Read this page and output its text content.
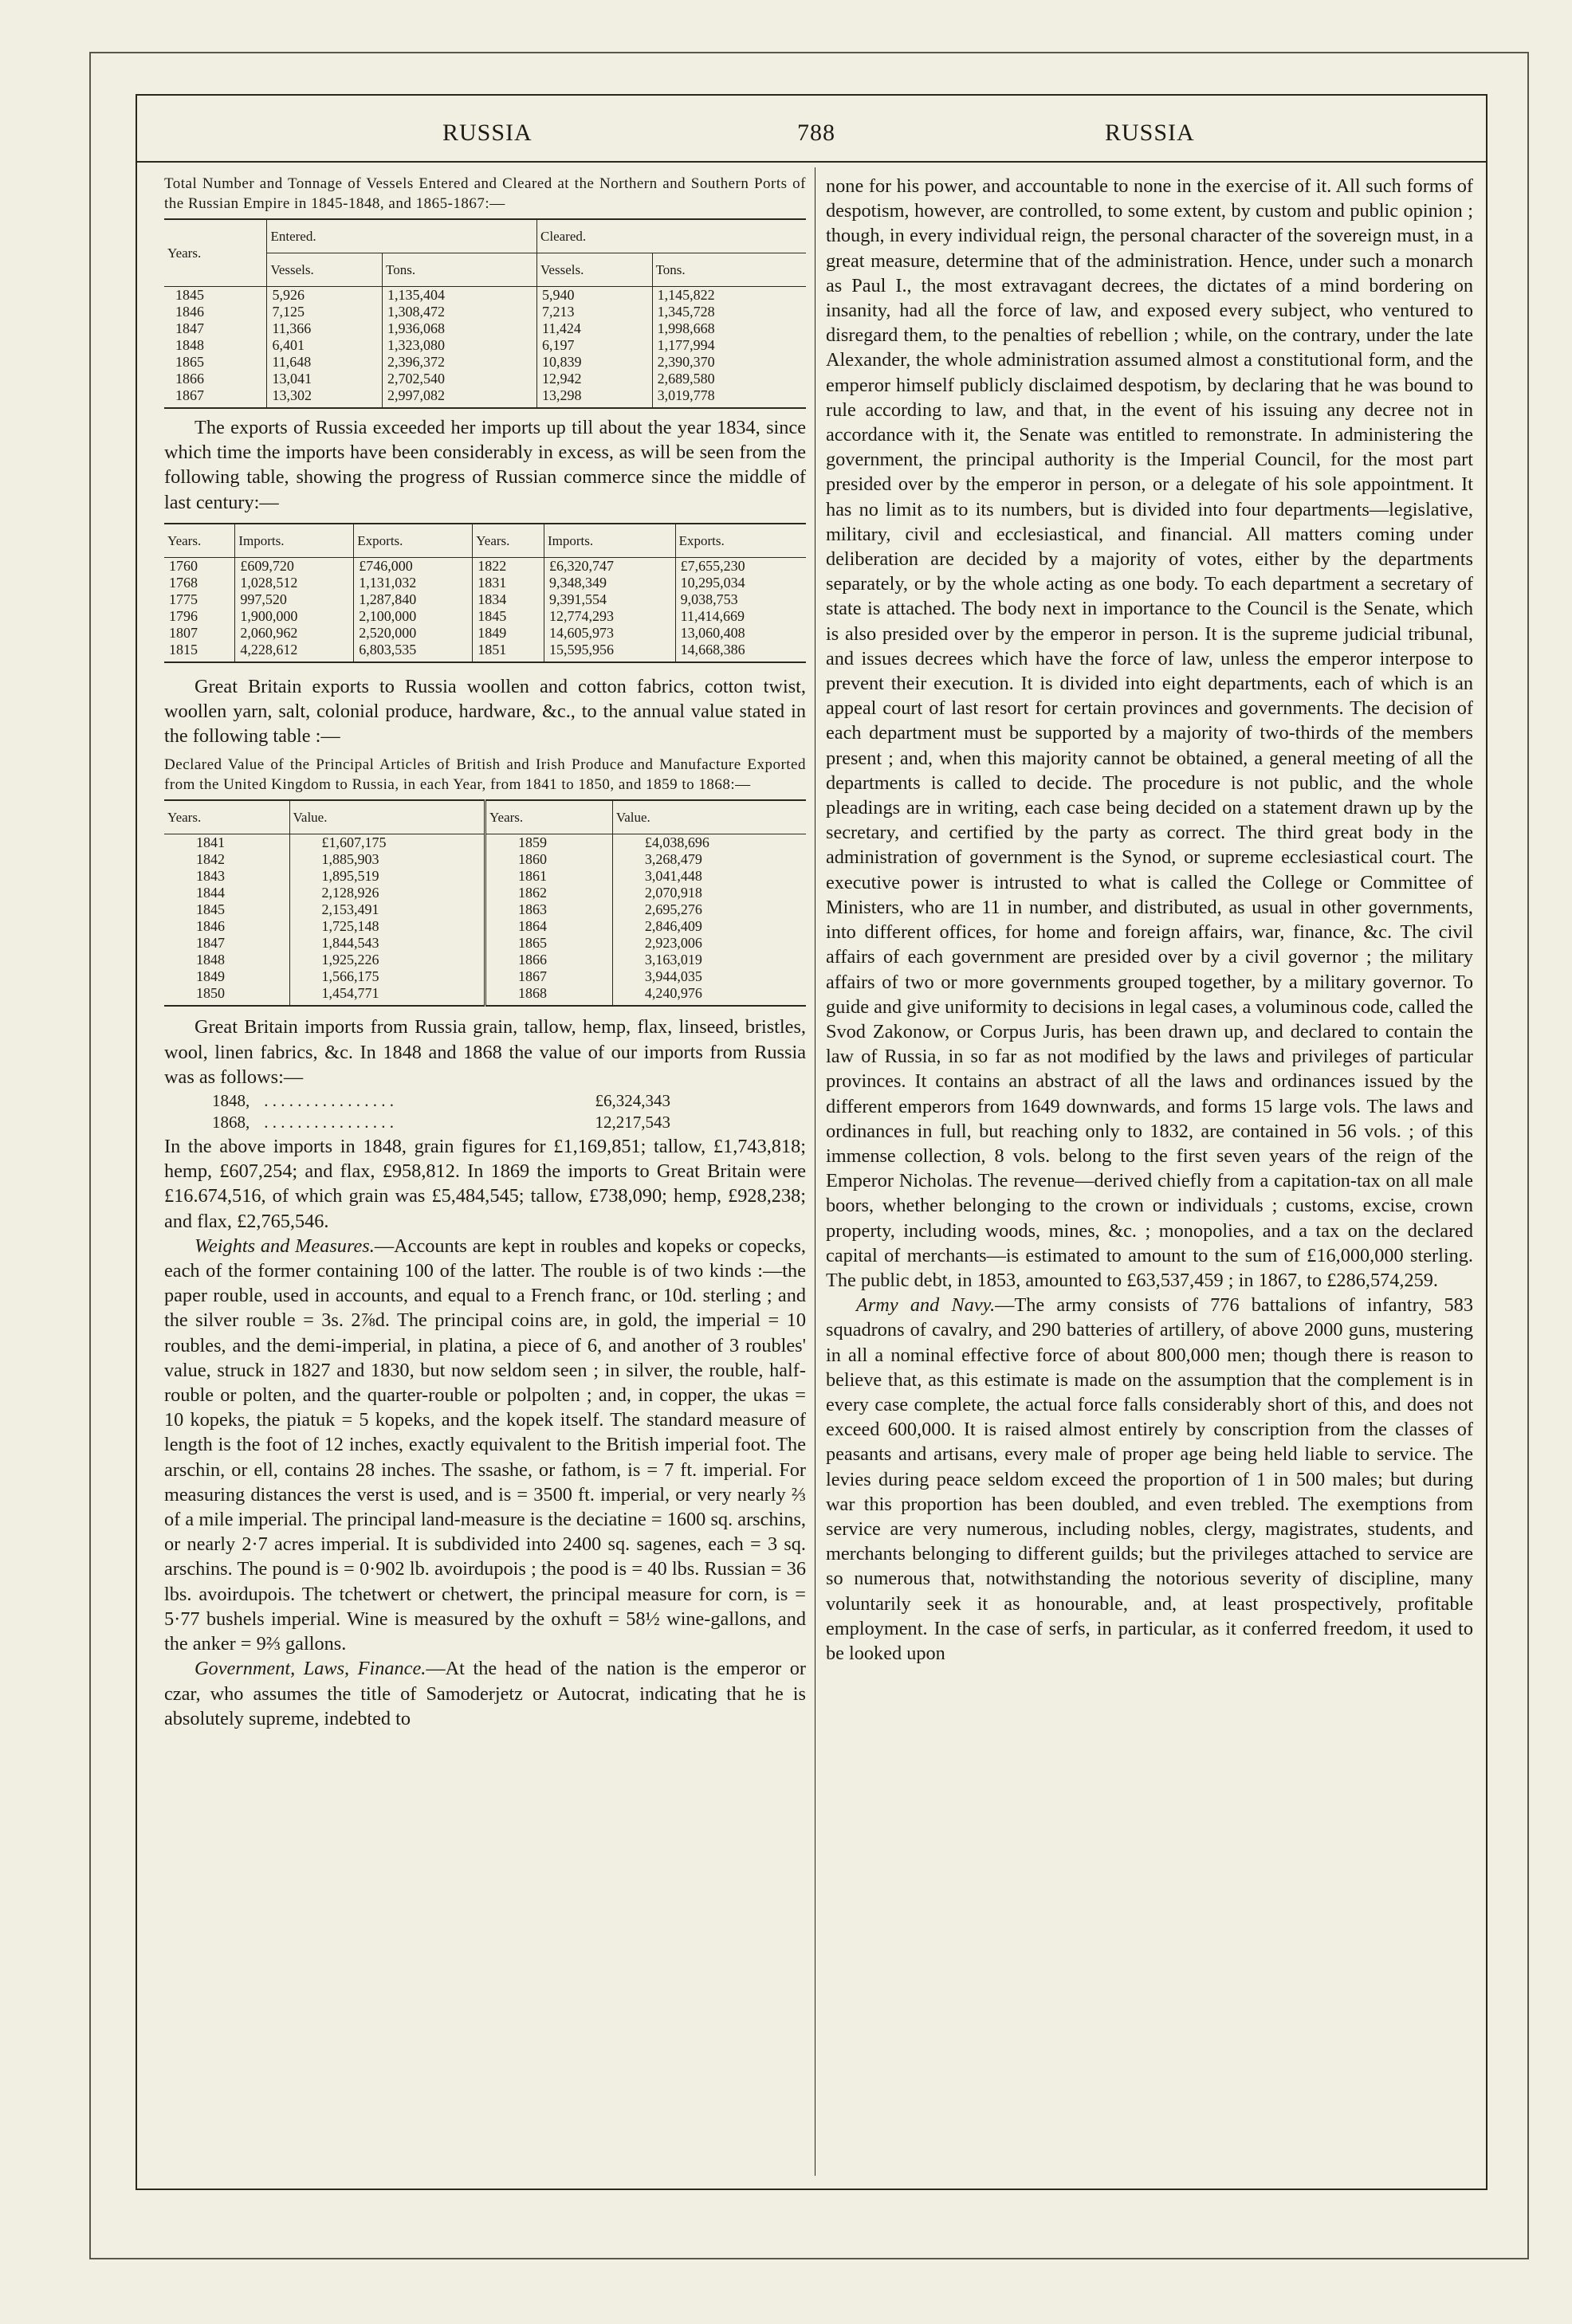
RUSSIA	788	RUSSIA

Total Number and Tonnage of Vessels Entered and Cleared at the Northern and Southern Ports of the Russian Empire in 1845-1848, and 1865-1867:—

Years.	Entered.		Cleared.	
	Vessels.	Tons.	Vessels.	Tons.
1845	5,926	1,135,404	5,940	1,145,822
1846	7,125	1,308,472	7,213	1,345,728
1847	11,366	1,936,068	11,424	1,998,668
1848	6,401	1,323,080	6,197	1,177,994
1865	11,648	2,396,372	10,839	2,390,370
1866	13,041	2,702,540	12,942	2,689,580
1867	13,302	2,997,082	13,298	3,019,778

The exports of Russia exceeded her imports up till about the year 1834, since which time the imports have been considerably in excess, as will be seen from the following table, showing the progress of Russian commerce since the middle of last century:—

Years.	Imports.	Exports.	Years.	Imports.	Exports.
1760	£609,720	£746,000	1822	£6,320,747	£7,655,230
1768	1,028,512	1,131,032	1831	9,348,349	10,295,034
1775	997,520	1,287,840	1834	9,391,554	9,038,753
1796	1,900,000	2,100,000	1845	12,774,293	11,414,669
1807	2,060,962	2,520,000	1849	14,605,973	13,060,408
1815	4,228,612	6,803,535	1851	15,595,956	14,668,386

Great Britain exports to Russia woollen and cotton fabrics, cotton twist, woollen yarn, salt, colonial produce, hardware, &c., to the annual value stated in the following table :—

Declared Value of the Principal Articles of British and Irish Produce and Manufacture Exported from the United Kingdom to Russia, in each Year, from 1841 to 1850, and 1859 to 1868:—

Years.	Value.	Years.	Value.
1841	£1,607,175	1859	£4,038,696
1842	1,885,903	1860	3,268,479
1843	1,895,519	1861	3,041,448
1844	2,128,926	1862	2,070,918
1845	2,153,491	1863	2,695,276
1846	1,725,148	1864	2,846,409
1847	1,844,543	1865	2,923,006
1848	1,925,226	1866	3,163,019
1849	1,566,175	1867	3,944,035
1850	1,454,771	1868	4,240,976

Great Britain imports from Russia grain, tallow, hemp, flax, linseed, bristles, wool, linen fabrics, &c. In 1848 and 1868 the value of our imports from Russia was as follows:—

1848, . . . . . . . . . . . . . . . .	£6,324,343
1868, . . . . . . . . . . . . . . . .	12,217,543

In the above imports in 1848, grain figures for £1,169,851; tallow, £1,743,818; hemp, £607,254; and flax, £958,812. In 1869 the imports to Great Britain were £16.674,516, of which grain was £5,484,545; tallow, £738,090; hemp, £928,238; and flax, £2,765,546.

Weights and Measures.—Accounts are kept in roubles and kopeks or copecks, each of the former containing 100 of the latter. The rouble is of two kinds :—the paper rouble, used in accounts, and equal to a French franc, or 10d. sterling ; and the silver rouble = 3s. 2⅞d. The principal coins are, in gold, the imperial = 10 roubles, and the demi-imperial, in platina, a piece of 6, and another of 3 roubles' value, struck in 1827 and 1830, but now seldom seen ; in silver, the rouble, half-rouble or polten, and the quarter-rouble or polpolten ; and, in copper, the ukas = 10 kopeks, the piatuk = 5 kopeks, and the kopek itself. The standard measure of length is the foot of 12 inches, exactly equivalent to the British imperial foot. The arschin, or ell, contains 28 inches. The ssashe, or fathom, is = 7 ft. imperial. For measuring distances the verst is used, and is = 3500 ft. imperial, or very nearly ⅔ of a mile imperial. The principal land-measure is the deciatine = 1600 sq. arschins, or nearly 2·7 acres imperial. It is subdivided into 2400 sq. sagenes, each = 3 sq. arschins. The pound is = 0·902 lb. avoirdupois ; the pood is = 40 lbs. Russian = 36 lbs. avoirdupois. The tchetwert or chetwert, the principal measure for corn, is = 5·77 bushels imperial. Wine is measured by the oxhuft = 58½ wine-gallons, and the anker = 9⅔ gallons.

Government, Laws, Finance.—At the head of the nation is the emperor or czar, who assumes the title of Samoderjetz or Autocrat, indicating that he is absolutely supreme, indebted to

none for his power, and accountable to none in the exercise of it. All such forms of despotism, however, are controlled, to some extent, by custom and public opinion ; though, in every individual reign, the personal character of the sovereign must, in a great measure, determine that of the administration. Hence, under such a monarch as Paul I., the most extravagant decrees, the dictates of a mind bordering on insanity, had all the force of law, and exposed every subject, who ventured to disregard them, to the penalties of rebellion ; while, on the contrary, under the late Alexander, the whole administration assumed almost a constitutional form, and the emperor himself publicly disclaimed despotism, by declaring that he was bound to rule according to law, and that, in the event of his issuing any decree not in accordance with it, the Senate was entitled to remonstrate. In administering the government, the principal authority is the Imperial Council, for the most part presided over by the emperor in person, or a delegate of his sole appointment. It has no limit as to its numbers, but is divided into four departments—legislative, military, civil and ecclesiastical, and financial. All matters coming under deliberation are decided by a majority of votes, either by the departments separately, or by the whole acting as one body. To each department a secretary of state is attached. The body next in importance to the Council is the Senate, which is also presided over by the emperor in person. It is the supreme judicial tribunal, and issues decrees which have the force of law, unless the emperor interpose to prevent their execution. It is divided into eight departments, each of which is an appeal court of last resort for certain provinces and governments. The decision of each department must be supported by a majority of two-thirds of the members present ; and, when this majority cannot be obtained, a general meeting of all the departments is called to decide. The procedure is not public, and the whole pleadings are in writing, each case being decided on a statement drawn up by the secretary, and certified by the party as correct. The third great body in the administration of government is the Synod, or supreme ecclesiastical court. The executive power is intrusted to what is called the College or Committee of Ministers, who are 11 in number, and distributed, as usual in other governments, into different offices, for home and foreign affairs, war, finance, &c. The civil affairs of each government are presided over by a civil governor ; the military affairs of two or more governments grouped together, by a military governor. To guide and give uniformity to decisions in legal cases, a voluminous code, called the Svod Zakonow, or Corpus Juris, has been drawn up, and declared to contain the law of Russia, in so far as not modified by the laws and privileges of particular provinces. It contains an abstract of all the laws and ordinances issued by the different emperors from 1649 downwards, and forms 15 large vols. The laws and ordinances in full, but reaching only to 1832, are contained in 56 vols. ; of this immense collection, 8 vols. belong to the first seven years of the reign of the Emperor Nicholas. The revenue—derived chiefly from a capitation-tax on all male boors, whether belonging to the crown or individuals ; customs, excise, crown property, including woods, mines, &c. ; monopolies, and a tax on the declared capital of merchants—is estimated to amount to the sum of £16,000,000 sterling. The public debt, in 1853, amounted to £63,537,459 ; in 1867, to £286,574,259.

Army and Navy.—The army consists of 776 battalions of infantry, 583 squadrons of cavalry, and 290 batteries of artillery, of above 2000 guns, mustering in all a nominal effective force of about 800,000 men; though there is reason to believe that, as this estimate is made on the assumption that the complement is in every case complete, the actual force falls considerably short of this, and does not exceed 600,000. It is raised almost entirely by conscription from the classes of peasants and artisans, every male of proper age being held liable to service. The levies during peace seldom exceed the proportion of 1 in 500 males; but during war this proportion has been doubled, and even trebled. The exemptions from service are very numerous, including nobles, clergy, magistrates, students, and merchants belonging to different guilds; but the privileges attached to service are so numerous that, notwithstanding the notorious severity of discipline, many voluntarily seek it as honourable, and, at least prospectively, profitable employment. In the case of serfs, in particular, as it conferred freedom, it used to be looked upon
